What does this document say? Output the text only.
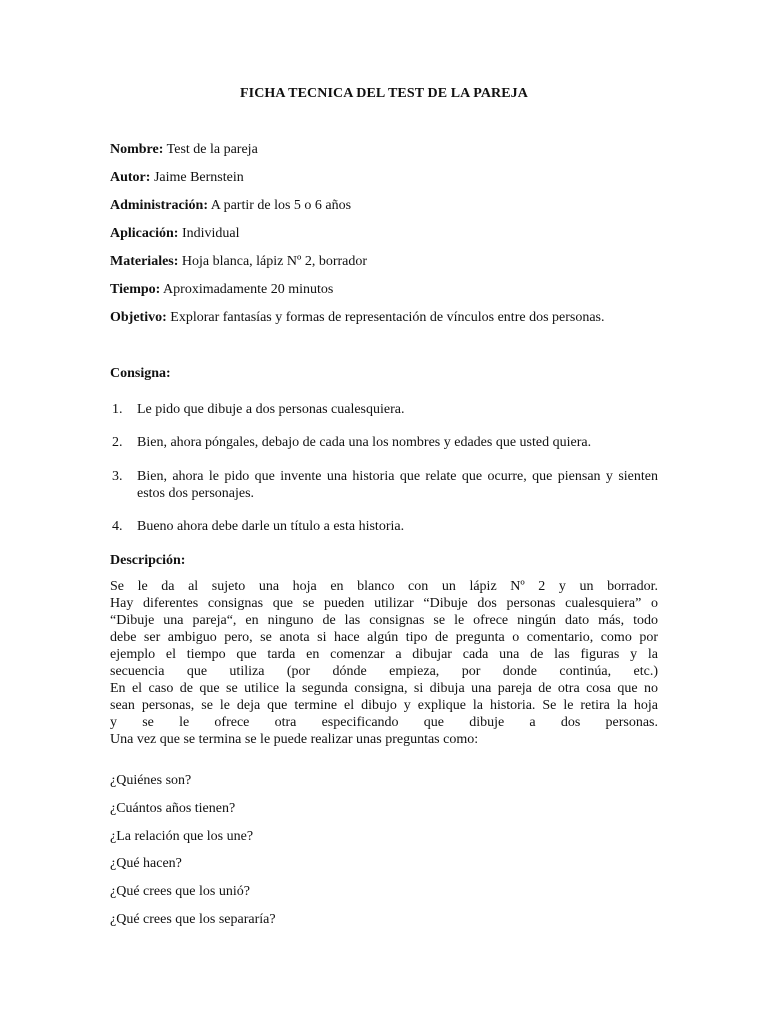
FICHA TECNICA DEL TEST DE LA PAREJA
Nombre: Test de la pareja
Autor: Jaime Bernstein
Administración: A partir de los 5 o 6 años
Aplicación: Individual
Materiales: Hoja blanca, lápiz Nº 2, borrador
Tiempo: Aproximadamente 20 minutos
Objetivo: Explorar fantasías y formas de representación de vínculos entre dos personas.
Consigna:
1. Le pido que dibuje a dos personas cualesquiera.
2. Bien, ahora póngales, debajo de cada una los nombres y edades que usted quiera.
3. Bien, ahora le pido que invente una historia que relate que ocurre, que piensan y sienten estos dos personajes.
4. Bueno ahora debe darle un título a esta historia.
Descripción:
Se le da al sujeto una hoja en blanco con un lápiz Nº 2 y un borrador.
Hay diferentes consignas que se pueden utilizar “Dibuje dos personas cualesquiera” o
“Dibuje una pareja“, en ninguno de las consignas se le ofrece ningún dato más, todo
debe ser ambiguo pero, se anota si hace algún tipo de pregunta o comentario, como por
ejemplo el tiempo que tarda en comenzar a dibujar cada una de las figuras y la
secuencia que utiliza (por dónde empieza, por donde continúa, etc.)
En el caso de que se utilice la segunda consigna, si dibuja una pareja de otra cosa que no
sean personas, se le deja que termine el dibujo y explique la historia. Se le retira la hoja
y se le ofrece otra especificando que dibuje a dos personas.
Una vez que se termina se le puede realizar unas preguntas como:
¿Quiénes son?
¿Cuántos años tienen?
¿La relación que los une?
¿Qué hacen?
¿Qué crees que los unió?
¿Qué crees que los separaría?
